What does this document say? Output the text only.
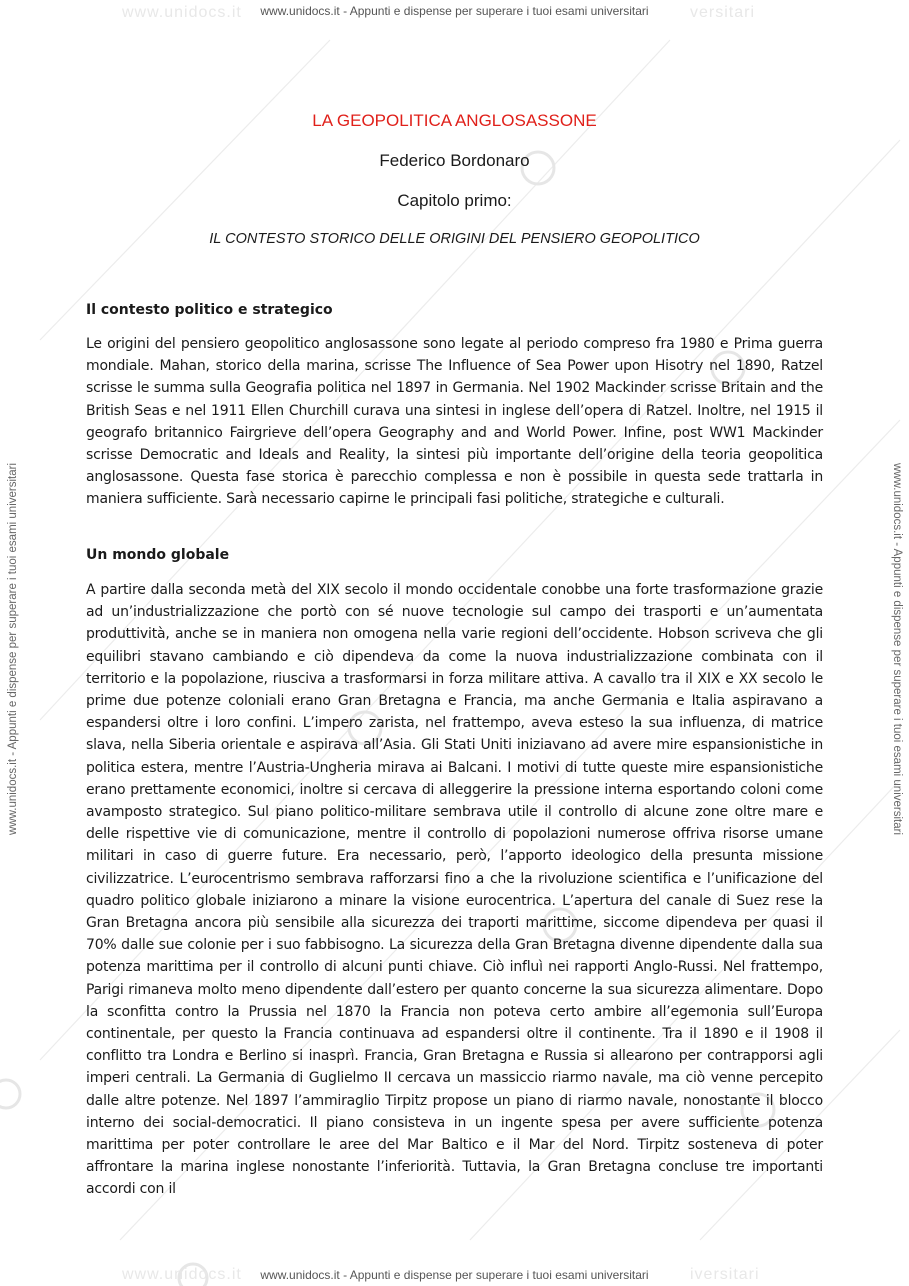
www.unidocs.it	versitari
www.unidocs.it	iversitari
www.unidocs.it - Appunti e dispense per superare i tuoi esami universitari
www.unidocs.it - Appunti e dispense per superare i tuoi esami universitari
www.unidocs.it - Appunti e dispense per superare i tuoi esami universitari	www.unidocs.it - Appunti e dispense per superare i tuoi esami universitari
LA GEOPOLITICA ANGLOSASSONE
Federico Bordonaro
Capitolo primo:
IL CONTESTO STORICO DELLE ORIGINI DEL PENSIERO GEOPOLITICO
Il contesto politico e strategico

Le origini del pensiero geopolitico anglosassone sono legate al periodo compreso fra 1980 e Prima guerra mondiale. Mahan, storico della marina, scrisse The Influence of Sea Power upon Hisotry nel 1890, Ratzel scrisse le summa sulla Geografia politica nel 1897 in Germania. Nel 1902 Mackinder scrisse Britain and the British Seas e nel 1911 Ellen Churchill curava una sintesi in inglese dell’opera di Ratzel. Inoltre, nel 1915 il geografo britannico Fairgrieve dell’opera Geography and and World Power. Infine, post WW1 Mackinder scrisse Democratic and Ideals and Reality, la sintesi più importante dell’origine della teoria geopolitica anglosassone. Questa fase storica è parecchio complessa e non è possibile in questa sede trattarla in maniera sufficiente. Sarà necessario capirne le principali fasi politiche, strategiche e culturali.

Un mondo globale

A partire dalla seconda metà del XIX secolo il mondo occidentale conobbe una forte trasformazione grazie ad un’industrializzazione che portò con sé nuove tecnologie sul campo dei trasporti e un’aumentata produttività, anche se in maniera non omogena nella varie regioni dell’occidente. Hobson scriveva che gli equilibri stavano cambiando e ciò dipendeva da come la nuova industrializzazione combinata con il territorio e la popolazione, riusciva a trasformarsi in forza militare attiva. A cavallo tra il XIX e XX secolo le prime due potenze coloniali erano Gran Bretagna e Francia, ma anche Germania e Italia aspiravano a espandersi oltre i loro confini. L’impero zarista, nel frattempo, aveva esteso la sua influenza, di matrice slava, nella Siberia orientale e aspirava all’Asia. Gli Stati Uniti iniziavano ad avere mire espansionistiche in politica estera, mentre l’Austria-Ungheria mirava ai Balcani. I motivi di tutte queste mire espansionistiche erano prettamente economici, inoltre si cercava di alleggerire la pressione interna esportando coloni come avamposto strategico. Sul piano politico-militare sembrava utile il controllo di alcune zone oltre mare e delle rispettive vie di comunicazione, mentre il controllo di popolazioni numerose offriva risorse umane militari in caso di guerre future. Era necessario, però, l’apporto ideologico della presunta missione civilizzatrice. L’eurocentrismo sembrava rafforzarsi fino a che la rivoluzione scientifica e l’unificazione del quadro politico globale iniziarono a minare la visione eurocentrica. L’apertura del canale di Suez rese la Gran Bretagna ancora più sensibile alla sicurezza dei traporti marittime, siccome dipendeva per quasi il 70% dalle sue colonie per i suo fabbisogno. La sicurezza della Gran Bretagna divenne dipendente dalla sua potenza marittima per il controllo di alcuni punti chiave. Ciò influì nei rapporti Anglo-Russi. Nel frattempo, Parigi rimaneva molto meno dipendente dall’estero per quanto concerne la sua sicurezza alimentare. Dopo la sconfitta contro la Prussia nel 1870 la Francia non poteva certo ambire all’egemonia sull’Europa continentale, per questo la Francia continuava ad espandersi oltre il continente. Tra il 1890 e il 1908 il conflitto tra Londra e Berlino si inasprì. Francia, Gran Bretagna e Russia si allearono per contrapporsi agli imperi centrali. La Germania di Guglielmo II cercava un massiccio riarmo navale, ma ciò venne percepito dalle altre potenze. Nel 1897 l’ammiraglio Tirpitz propose un piano di riarmo navale, nonostante il blocco interno dei social-democratici. Il piano consisteva in un ingente spesa per avere sufficiente potenza marittima per poter controllare le aree del Mar Baltico e il Mar del Nord. Tirpitz sosteneva di poter affrontare la marina inglese nonostante l’inferiorità. Tuttavia, la Gran Bretagna concluse tre importanti accordi con il
